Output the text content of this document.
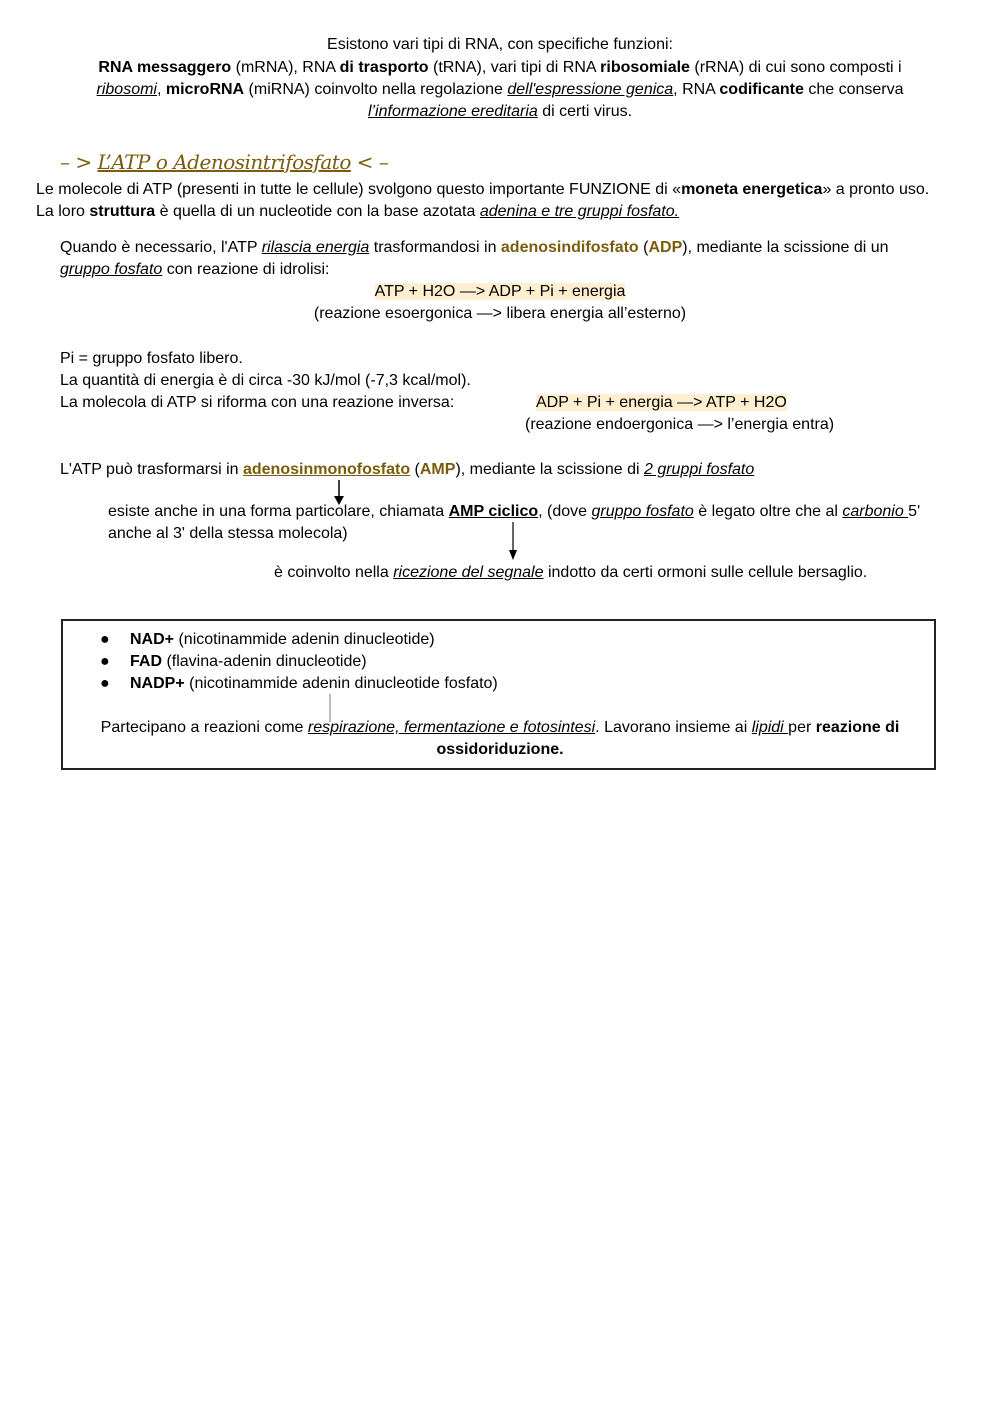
Esistono vari tipi di RNA, con specifiche funzioni:
RNA messaggero (mRNA), RNA di trasporto (tRNA), vari tipi di RNA ribosomiale (rRNA) di cui sono composti i
ribosomi, microRNA (miRNA) coinvolto nella regolazione dell'espressione genica, RNA codificante che conserva
l’informazione ereditaria di certi virus.
– > L’ATP o Adenosintrifosfato < –
Le molecole di ATP (presenti in tutte le cellule) svolgono questo importante FUNZIONE di «moneta energetica» a pronto uso.
La loro struttura è quella di un nucleotide con la base azotata adenina e tre gruppi fosfato.
Quando è necessario, l'ATP rilascia energia trasformandosi in adenosindifosfato (ADP), mediante la scissione di un
gruppo fosfato con reazione di idrolisi:
ATP + H2O —> ADP + Pi + energia
(reazione esoergonica —> libera energia all’esterno)
Pi = gruppo fosfato libero.
La quantità di energia è di circa -30 kJ/mol (-7,3 kcal/mol).
La molecola di ATP si riforma con una reazione inversa:	ADP + Pi + energia —> ATP + H2O
(reazione endoergonica —> l’energia entra)
L'ATP può trasformarsi in adenosinmonofosfato (AMP), mediante la scissione di 2 gruppi fosfato
esiste anche in una forma particolare, chiamata AMP ciclico, (dove gruppo fosfato è legato oltre che al carbonio 5'
anche al 3' della stessa molecola)
è coinvolto nella ricezione del segnale indotto da certi ormoni sulle cellule bersaglio.
● NAD+ (nicotinammide adenin dinucleotide)
● FAD (flavina-adenin dinucleotide)
● NADP+ (nicotinammide adenin dinucleotide fosfato)
Partecipano a reazioni come respirazione, fermentazione e fotosintesi. Lavorano insieme ai lipidi per reazione di
ossidoriduzione.
